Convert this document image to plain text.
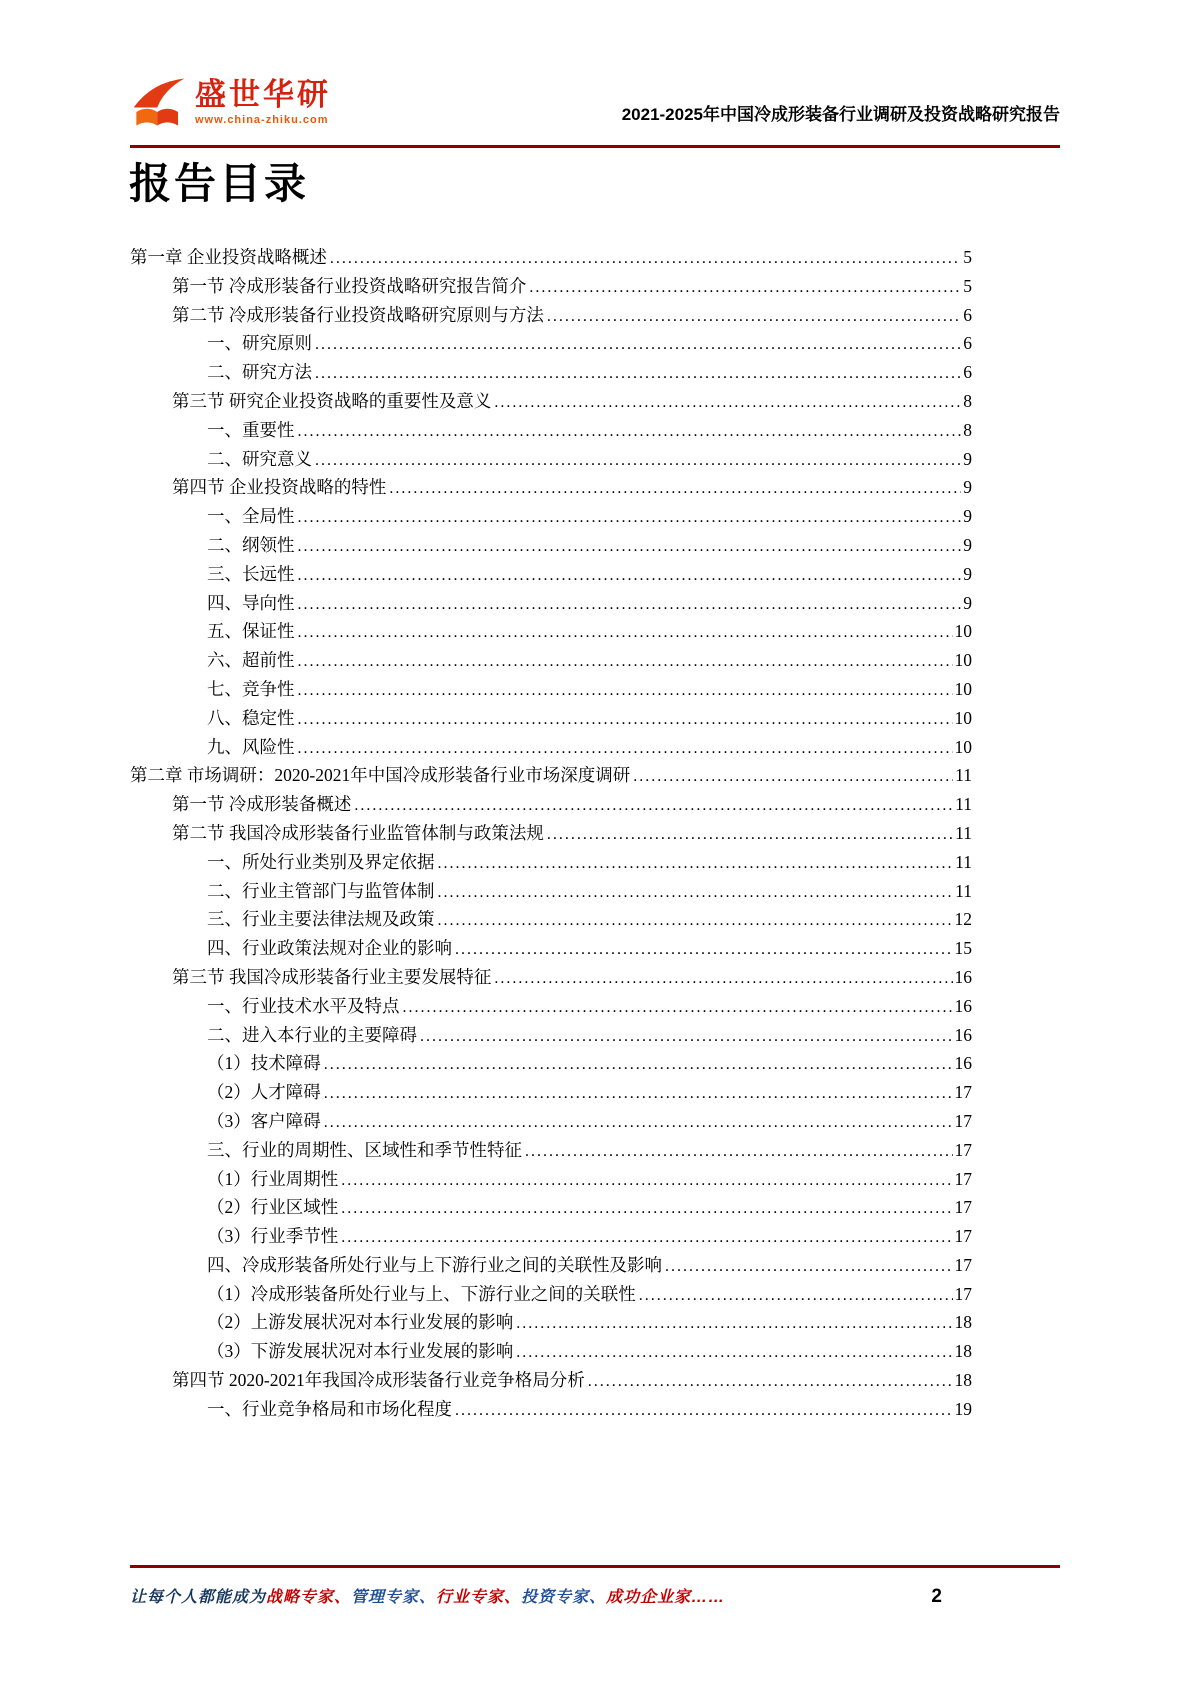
盛世华研
www.china-zhiku.com	2021-2025年中国冷成形装备行业调研及投资战略研究报告
报告目录
第一章 企业投资战略概述 .....	5
第一节 冷成形装备行业投资战略研究报告简介 .....	5
第二节 冷成形装备行业投资战略研究原则与方法 .....	6
一、研究原则 .....	6
二、研究方法 .....	6
第三节 研究企业投资战略的重要性及意义 .....	8
一、重要性 .....	8
二、研究意义 .....	9
第四节 企业投资战略的特性 .....	9
一、全局性 .....	9
二、纲领性 .....	9
三、长远性 .....	9
四、导向性 .....	9
五、保证性 .....	10
六、超前性 .....	10
七、竞争性 .....	10
八、稳定性 .....	10
九、风险性 .....	10
第二章 市场调研：2020-2021年中国冷成形装备行业市场深度调研 .....	11
第一节 冷成形装备概述 .....	11
第二节 我国冷成形装备行业监管体制与政策法规 .....	11
一、所处行业类别及界定依据 .....	11
二、行业主管部门与监管体制 .....	11
三、行业主要法律法规及政策 .....	12
四、行业政策法规对企业的影响 .....	15
第三节 我国冷成形装备行业主要发展特征 .....	16
一、行业技术水平及特点 .....	16
二、进入本行业的主要障碍 .....	16
（1）技术障碍 .....	16
（2）人才障碍 .....	17
（3）客户障碍 .....	17
三、行业的周期性、区域性和季节性特征 .....	17
（1）行业周期性 .....	17
（2）行业区域性 .....	17
（3）行业季节性 .....	17
四、冷成形装备所处行业与上下游行业之间的关联性及影响 .....	17
（1）冷成形装备所处行业与上、下游行业之间的关联性 .....	17
（2）上游发展状况对本行业发展的影响 .....	18
（3）下游发展状况对本行业发展的影响 .....	18
第四节 2020-2021年我国冷成形装备行业竞争格局分析 .....	18
一、行业竞争格局和市场化程度 .....	19
让每个人都能成为战略专家、管理专家、行业专家、投资专家、成功企业家……	2
